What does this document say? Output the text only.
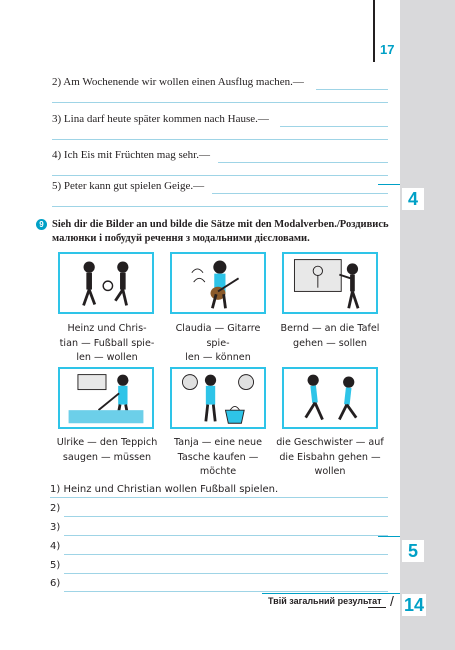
17
2) Am Wochenende wir wollen einen Ausflug machen.—
3) Lina darf heute später kommen nach Hause.—
4) Ich Eis mit Früchten mag sehr.—
5) Peter kann gut spielen Geige.—
4
9 Sieh dir die Bilder an und bilde die Sätze mit den Modalverben./Роздивись малюнки і побудуй речення з модальними дієсловами.
Heinz und Chris-
tian — Fußball spie-
len — wollen
Claudia — Gitarre spie-
len — können
Bernd — an die Tafel
gehen — sollen
Ulrike — den Teppich
saugen — müssen
Tanja — eine neue
Tasche kaufen —
möchte
die Geschwister — auf
die Eisbahn gehen —
wollen
1) Heinz und Christian wollen Fußball spielen.
2)
3)
4)
5)
6)
5
Твій загальний результат / 14
